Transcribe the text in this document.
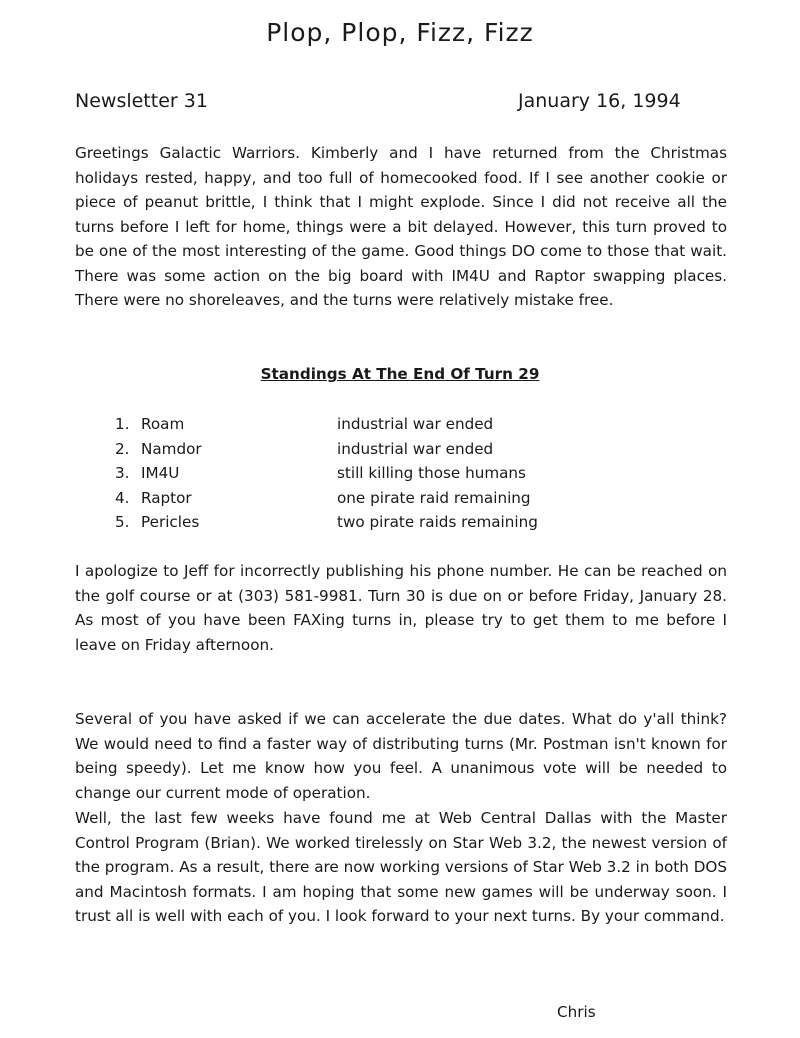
Plop, Plop, Fizz, Fizz
Newsletter 31	January 16, 1994

Greetings Galactic Warriors. Kimberly and I have returned from the Christmas holidays rested, happy, and too full of homecooked food. If I see another cookie or piece of peanut brittle, I think that I might explode. Since I did not receive all the turns before I left for home, things were a bit delayed. However, this turn proved to be one of the most interesting of the game. Good things DO come to those that wait. There was some action on the big board with IM4U and Raptor swapping places. There were no shoreleaves, and the turns were relatively mistake free.

Standings At The End Of Turn 29
1. Roam	industrial war ended
2. Namdor	industrial war ended
3. IM4U	still killing those humans
4. Raptor	one pirate raid remaining
5. Pericles	two pirate raids remaining

I apologize to Jeff for incorrectly publishing his phone number. He can be reached on the golf course or at (303) 581-9981. Turn 30 is due on or before Friday, January 28. As most of you have been FAXing turns in, please try to get them to me before I leave on Friday afternoon.

Several of you have asked if we can accelerate the due dates. What do y'all think? We would need to find a faster way of distributing turns (Mr. Postman isn't known for being speedy). Let me know how you feel. A unanimous vote will be needed to change our current mode of operation.

Well, the last few weeks have found me at Web Central Dallas with the Master Control Program (Brian). We worked tirelessly on Star Web 3.2, the newest version of the program. As a result, there are now working versions of Star Web 3.2 in both DOS and Macintosh formats. I am hoping that some new games will be underway soon. I trust all is well with each of you. I look forward to your next turns. By your command.

Chris
